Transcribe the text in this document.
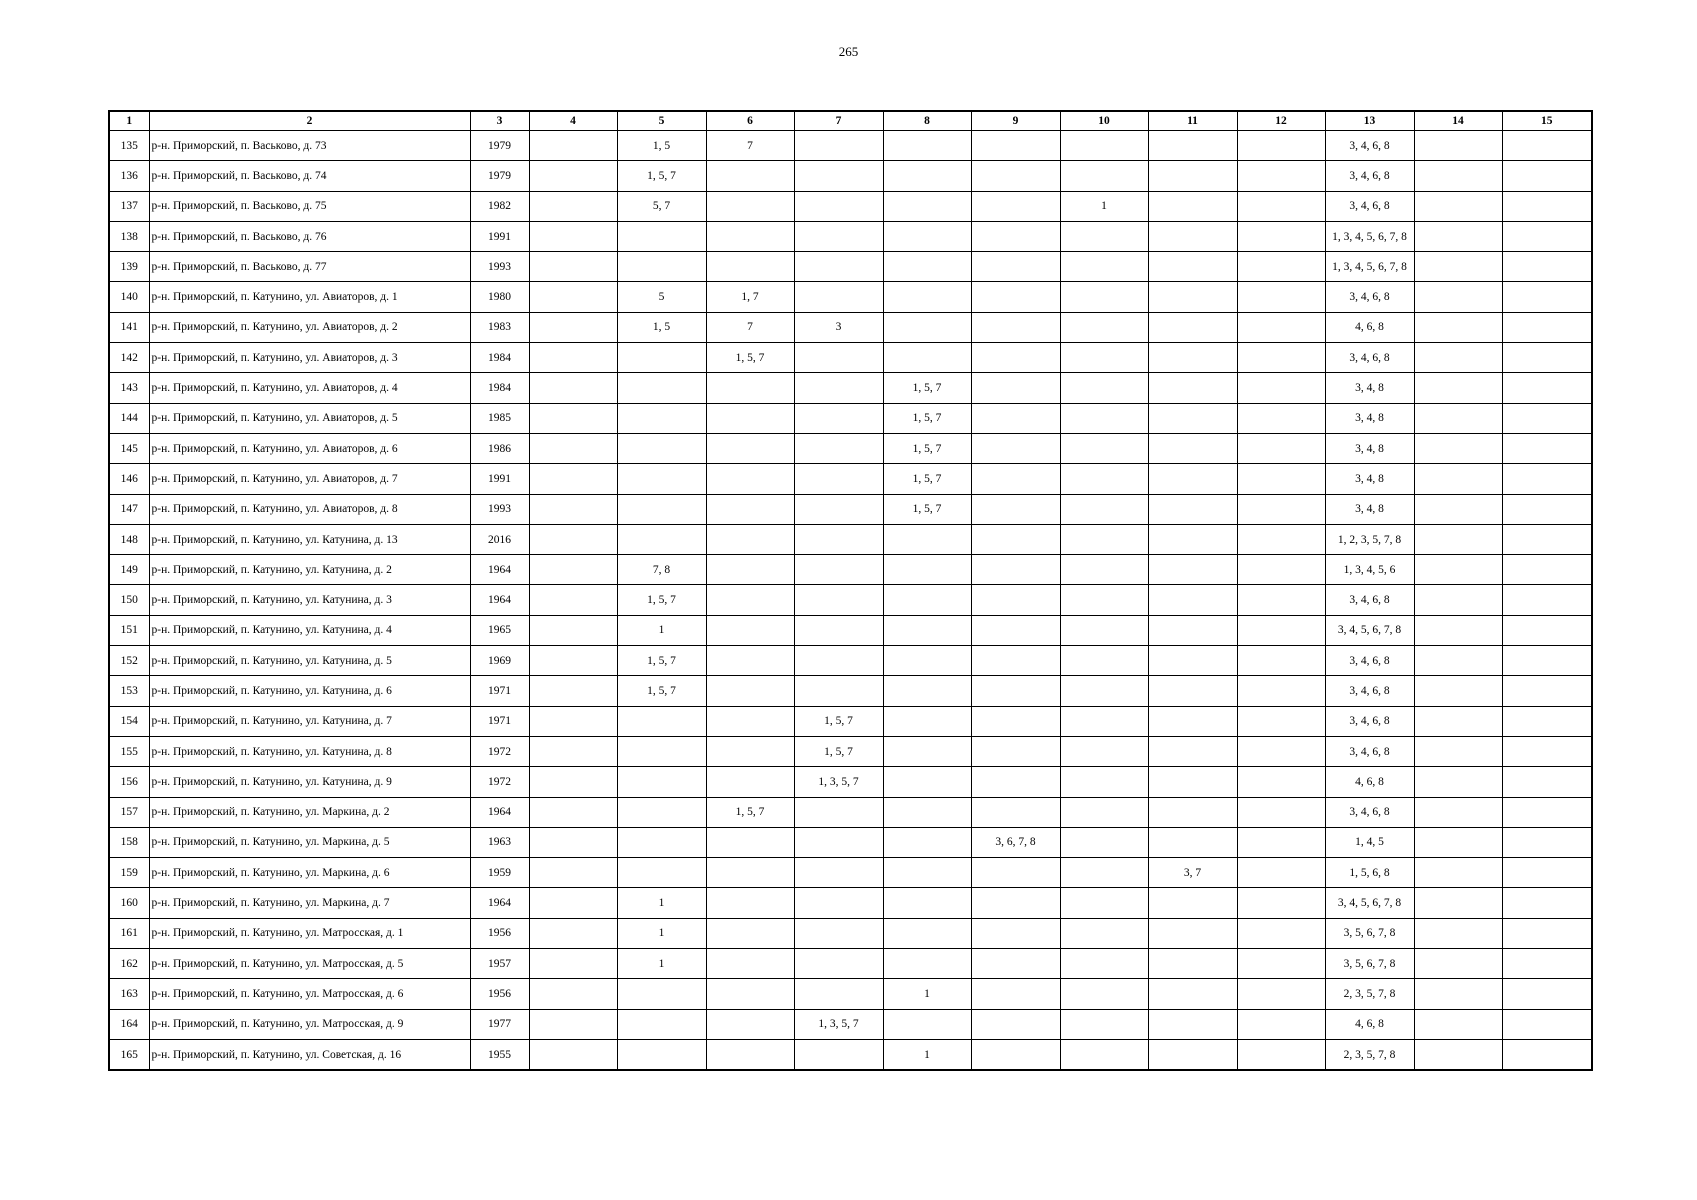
265
1	2	3	4	5	6	7	8	9	10	11	12	13	14	15
135	р-н. Приморский, п. Васьково, д. 73	1979		1, 5	7							3, 4, 6, 8		
136	р-н. Приморский, п. Васьково, д. 74	1979		1, 5, 7								3, 4, 6, 8		
137	р-н. Приморский, п. Васьково, д. 75	1982		5, 7					1			3, 4, 6, 8		
138	р-н. Приморский, п. Васьково, д. 76	1991										1, 3, 4, 5, 6, 7, 8		
139	р-н. Приморский, п. Васьково, д. 77	1993										1, 3, 4, 5, 6, 7, 8		
140	р-н. Приморский, п. Катунино, ул. Авиаторов, д. 1	1980		5	1, 7							3, 4, 6, 8		
141	р-н. Приморский, п. Катунино, ул. Авиаторов, д. 2	1983		1, 5	7	3						4, 6, 8		
142	р-н. Приморский, п. Катунино, ул. Авиаторов, д. 3	1984			1, 5, 7							3, 4, 6, 8		
143	р-н. Приморский, п. Катунино, ул. Авиаторов, д. 4	1984					1, 5, 7					3, 4, 8		
144	р-н. Приморский, п. Катунино, ул. Авиаторов, д. 5	1985					1, 5, 7					3, 4, 8		
145	р-н. Приморский, п. Катунино, ул. Авиаторов, д. 6	1986					1, 5, 7					3, 4, 8		
146	р-н. Приморский, п. Катунино, ул. Авиаторов, д. 7	1991					1, 5, 7					3, 4, 8		
147	р-н. Приморский, п. Катунино, ул. Авиаторов, д. 8	1993					1, 5, 7					3, 4, 8		
148	р-н. Приморский, п. Катунино, ул. Катунина, д. 13	2016										1, 2, 3, 5, 7, 8		
149	р-н. Приморский, п. Катунино, ул. Катунина, д. 2	1964		7, 8								1, 3, 4, 5, 6		
150	р-н. Приморский, п. Катунино, ул. Катунина, д. 3	1964		1, 5, 7								3, 4, 6, 8		
151	р-н. Приморский, п. Катунино, ул. Катунина, д. 4	1965		1								3, 4, 5, 6, 7, 8		
152	р-н. Приморский, п. Катунино, ул. Катунина, д. 5	1969		1, 5, 7								3, 4, 6, 8		
153	р-н. Приморский, п. Катунино, ул. Катунина, д. 6	1971		1, 5, 7								3, 4, 6, 8		
154	р-н. Приморский, п. Катунино, ул. Катунина, д. 7	1971				1, 5, 7						3, 4, 6, 8		
155	р-н. Приморский, п. Катунино, ул. Катунина, д. 8	1972				1, 5, 7						3, 4, 6, 8		
156	р-н. Приморский, п. Катунино, ул. Катунина, д. 9	1972				1, 3, 5, 7						4, 6, 8		
157	р-н. Приморский, п. Катунино, ул. Маркина, д. 2	1964			1, 5, 7							3, 4, 6, 8		
158	р-н. Приморский, п. Катунино, ул. Маркина, д. 5	1963						3, 6, 7, 8				1, 4, 5		
159	р-н. Приморский, п. Катунино, ул. Маркина, д. 6	1959								3, 7		1, 5, 6, 8		
160	р-н. Приморский, п. Катунино, ул. Маркина, д. 7	1964		1								3, 4, 5, 6, 7, 8		
161	р-н. Приморский, п. Катунино, ул. Матросская, д. 1	1956		1								3, 5, 6, 7, 8		
162	р-н. Приморский, п. Катунино, ул. Матросская, д. 5	1957		1								3, 5, 6, 7, 8		
163	р-н. Приморский, п. Катунино, ул. Матросская, д. 6	1956					1					2, 3, 5, 7, 8		
164	р-н. Приморский, п. Катунино, ул. Матросская, д. 9	1977				1, 3, 5, 7						4, 6, 8		
165	р-н. Приморский, п. Катунино, ул. Советская, д. 16	1955					1					2, 3, 5, 7, 8		
